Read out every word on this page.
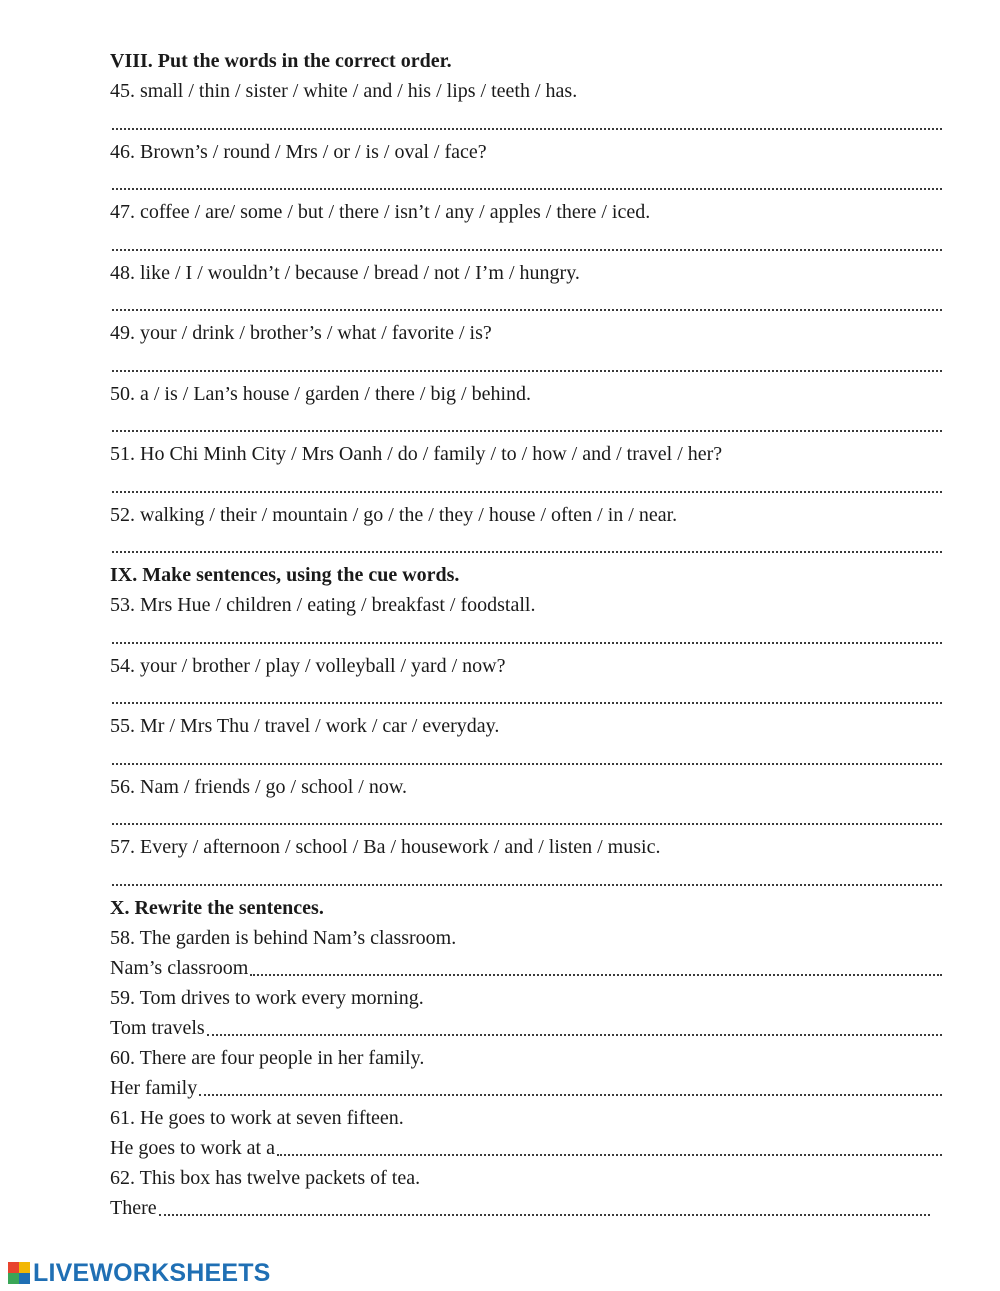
VIII. Put the words in the correct order.
45. small / thin / sister / white / and / his / lips / teeth / has.
46. Brown’s / round / Mrs / or / is / oval / face?
47. coffee / are/ some / but / there / isn’t / any / apples / there / iced.
48. like / I / wouldn’t / because / bread / not / I’m / hungry.
49. your / drink / brother’s / what / favorite / is?
50. a / is / Lan’s house / garden / there / big / behind.
51. Ho Chi Minh City / Mrs Oanh / do / family / to / how / and / travel / her?
52. walking / their / mountain / go / the / they / house / often / in / near.
IX. Make sentences, using the cue words.
53. Mrs Hue / children / eating / breakfast / foodstall.
54. your / brother / play / volleyball / yard / now?
55. Mr / Mrs Thu / travel / work / car / everyday.
56. Nam / friends / go / school / now.
57. Every / afternoon / school / Ba / housework / and / listen / music.
X. Rewrite the sentences.
58. The garden is behind Nam’s classroom.
Nam’s classroom
59. Tom drives to work every morning.
Tom travels
60. There are four people in her family.
Her family
61. He goes to work at seven fifteen.
He goes to work at a
62. This box has twelve packets of tea.
There
LIVEWORKSHEETS
